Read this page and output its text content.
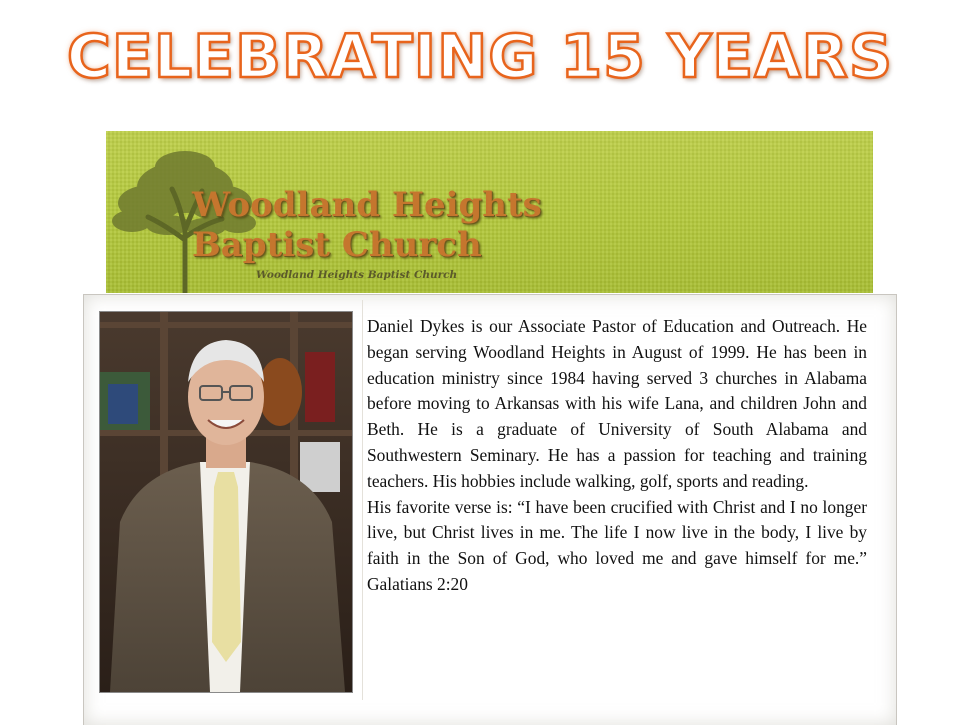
CELEBRATING 15 YEARS
Woodland Heights
Baptist Church
Woodland Heights Baptist Church

Daniel Dykes is our Associate Pastor of Education and Outreach. He began serving Woodland Heights in August of 1999. He has been in education ministry since 1984 having served 3 churches in Alabama before moving to Arkansas with his wife Lana, and children John and Beth. He is a graduate of University of South Alabama and Southwestern Seminary. He has a passion for teaching and training teachers. His hobbies include walking, golf, sports and reading.

His favorite verse is: “I have been crucified with Christ and I no longer live, but Christ lives in me. The life I now live in the body, I live by faith in the Son of God, who loved me and gave himself for me.” Galatians 2:20
